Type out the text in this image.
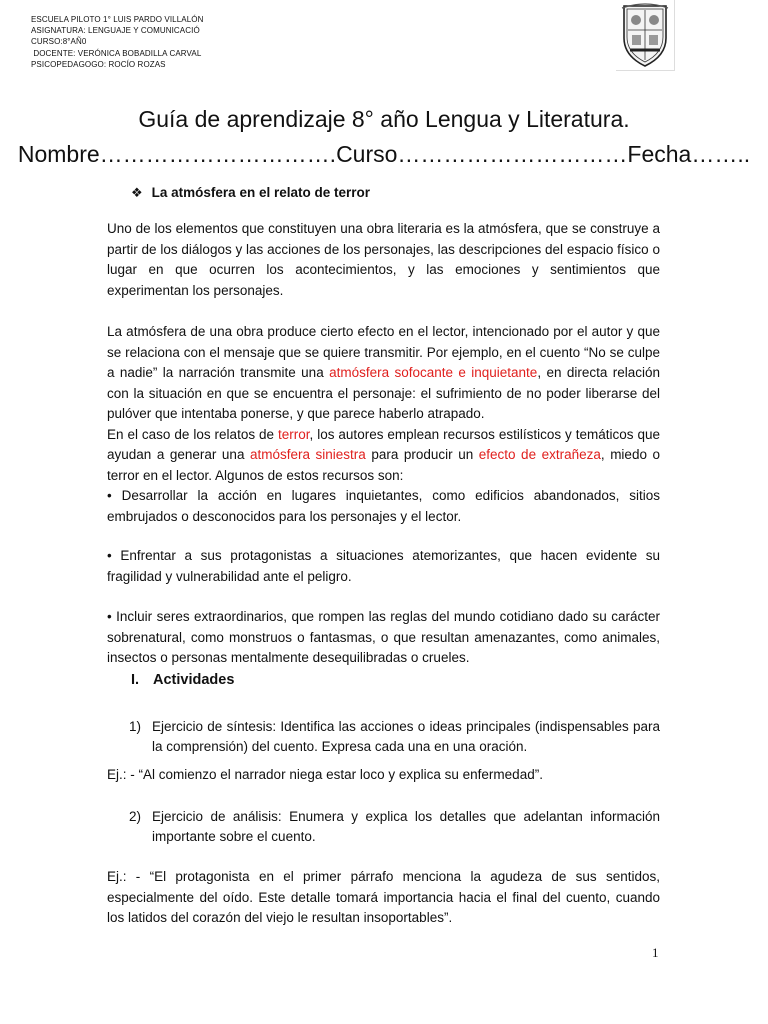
ESCUELA PILOTO 1° LUIS PARDO VILLALÓN
ASIGNATURA: LENGUAJE Y COMUNICACIÓ
CURSO:8°AÑ0
DOCENTE: VERÓNICA BOBADILLA CARVAL
PSICOPEDAGOGO: ROCÍO ROZAS
Guía de aprendizaje 8° año Lengua y Literatura.
Nombre………………………….Curso…………………………Fecha……..
❖ La atmósfera en el relato de terror

Uno de los elementos que constituyen una obra literaria es la atmósfera, que se construye a partir de los diálogos y las acciones de los personajes, las descripciones del espacio físico o lugar en que ocurren los acontecimientos, y las emociones y sentimientos que experimentan los personajes.

La atmósfera de una obra produce cierto efecto en el lector, intencionado por el autor y que se relaciona con el mensaje que se quiere transmitir. Por ejemplo, en el cuento “No se culpe a nadie” la narración transmite una atmósfera sofocante e inquietante, en directa relación con la situación en que se encuentra el personaje: el sufrimiento de no poder liberarse del pulóver que intentaba ponerse, y que parece haberlo atrapado.

En el caso de los relatos de terror, los autores emplean recursos estilísticos y temáticos que ayudan a generar una atmósfera siniestra para producir un efecto de extrañeza, miedo o terror en el lector. Algunos de estos recursos son:

• Desarrollar la acción en lugares inquietantes, como edificios abandonados, sitios embrujados o desconocidos para los personajes y el lector.

• Enfrentar a sus protagonistas a situaciones atemorizantes, que hacen evidente su fragilidad y vulnerabilidad ante el peligro.

• Incluir seres extraordinarios, que rompen las reglas del mundo cotidiano dado su carácter sobrenatural, como monstruos o fantasmas, o que resultan amenazantes, como animales, insectos o personas mentalmente desequilibradas o crueles.

I. Actividades
1) Ejercicio de síntesis: Identifica las acciones o ideas principales (indispensables para la comprensión) del cuento. Expresa cada una en una oración.
Ej.: - “Al comienzo el narrador niega estar loco y explica su enfermedad”.
2) Ejercicio de análisis: Enumera y explica los detalles que adelantan información importante sobre el cuento.
Ej.: - “El protagonista en el primer párrafo menciona la agudeza de sus sentidos, especialmente del oído. Este detalle tomará importancia hacia el final del cuento, cuando los latidos del corazón del viejo le resultan insoportables”.
1
